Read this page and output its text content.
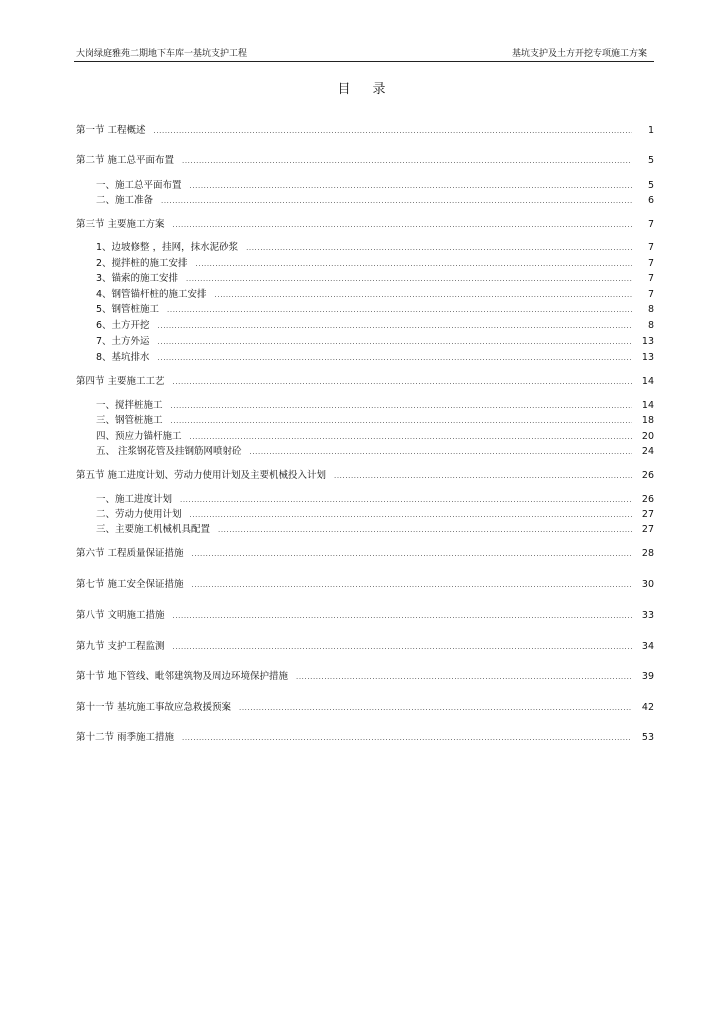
大岗绿庭雅苑二期地下车库一基坑支护工程	基坑支护及土方开挖专项施工方案
目录
第一节 工程概述 .....	1
第二节 施工总平面布置 .....	5
一、施工总平面布置 .....	5
二、施工准备 .....	6
第三节 主要施工方案 .....	7
1、边坡修整 ，挂网，抹水泥砂浆 .....	7
2、搅拌桩的施工安排 .....	7
3、锚索的施工安排 .....	7
4、钢管锚杆桩的施工安排 .....	7
5、钢管桩施工 .....	8
6、土方开挖 .....	8
7、土方外运 .....	13
8、基坑排水 .....	13
第四节 主要施工工艺 .....	14
一、搅拌桩施工 .....	14
三、钢管桩施工 .....	18
四、预应力锚杆施工 .....	20
五、 注浆钢花管及挂钢筋网喷射砼 .....	24
第五节 施工进度计划、劳动力使用计划及主要机械投入计划 .....	26
一、施工进度计划 .....	26
二、劳动力使用计划 .....	27
三、主要施工机械机具配置 .....	27
第六节 工程质量保证措施 .....	28
第七节 施工安全保证措施 .....	30
第八节 文明施工措施 .....	33
第九节 支护工程监测 .....	34
第十节 地下管线、毗邻建筑物及周边环境保护措施 .....	39
第十一节 基坑施工事故应急救援预案 .....	42
第十二节 雨季施工措施 .....	53
